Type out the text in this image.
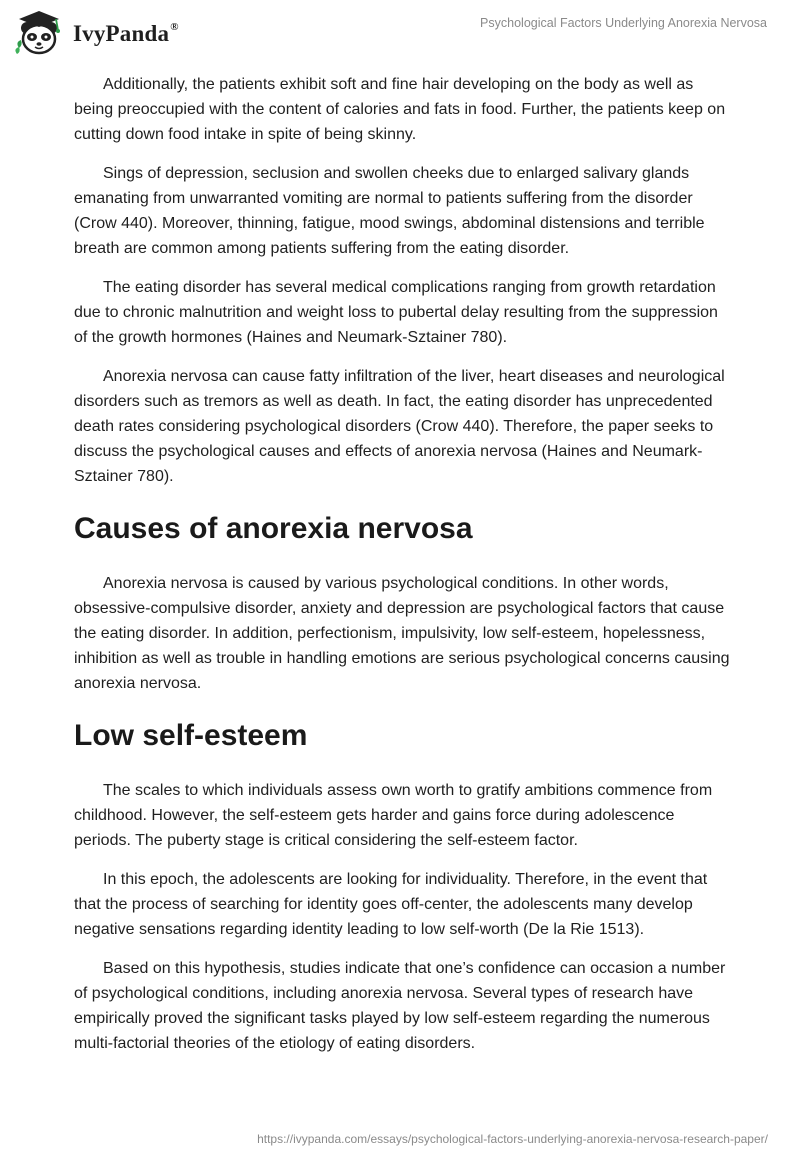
IvyPanda®	Psychological Factors Underlying Anorexia Nervosa

Additionally, the patients exhibit soft and fine hair developing on the body as well as being preoccupied with the content of calories and fats in food. Further, the patients keep on cutting down food intake in spite of being skinny.

Sings of depression, seclusion and swollen cheeks due to enlarged salivary glands emanating from unwarranted vomiting are normal to patients suffering from the disorder (Crow 440). Moreover, thinning, fatigue, mood swings, abdominal distensions and terrible breath are common among patients suffering from the eating disorder.

The eating disorder has several medical complications ranging from growth retardation due to chronic malnutrition and weight loss to pubertal delay resulting from the suppression of the growth hormones (Haines and Neumark-Sztainer 780).

Anorexia nervosa can cause fatty infiltration of the liver, heart diseases and neurological disorders such as tremors as well as death. In fact, the eating disorder has unprecedented death rates considering psychological disorders (Crow 440). Therefore, the paper seeks to discuss the psychological causes and effects of anorexia nervosa (Haines and Neumark-Sztainer 780).

Causes of anorexia nervosa

Anorexia nervosa is caused by various psychological conditions. In other words, obsessive-compulsive disorder, anxiety and depression are psychological factors that cause the eating disorder. In addition, perfectionism, impulsivity, low self-esteem, hopelessness, inhibition as well as trouble in handling emotions are serious psychological concerns causing anorexia nervosa.

Low self-esteem

The scales to which individuals assess own worth to gratify ambitions commence from childhood. However, the self-esteem gets harder and gains force during adolescence periods. The puberty stage is critical considering the self-esteem factor.

In this epoch, the adolescents are looking for individuality. Therefore, in the event that that the process of searching for identity goes off-center, the adolescents many develop negative sensations regarding identity leading to low self-worth (De la Rie 1513).

Based on this hypothesis, studies indicate that one’s confidence can occasion a number of psychological conditions, including anorexia nervosa. Several types of research have empirically proved the significant tasks played by low self-esteem regarding the numerous multi-factorial theories of the etiology of eating disorders.

https://ivypanda.com/essays/psychological-factors-underlying-anorexia-nervosa-research-paper/
